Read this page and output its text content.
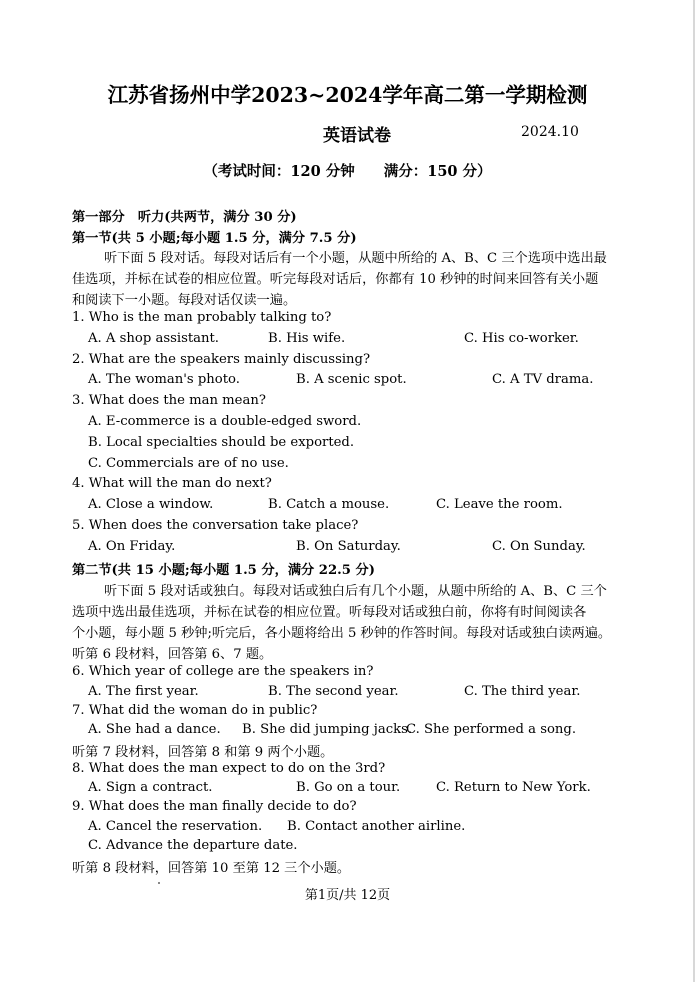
江苏省扬州中学2023~2024学年高二第一学期检测
英语试卷	2024.10
（考试时间：120 分钟　　满分：150 分）
第一部分　听力(共两节，满分 30 分)
第一节(共 5 小题;每小题 1.5 分，满分 7.5 分)
听下面 5 段对话。每段对话后有一个小题，从题中所给的 A、B、C 三个选项中选出最
佳选项，并标在试卷的相应位置。听完每段对话后，你都有 10 秒钟的时间来回答有关小题
和阅读下一小题。每段对话仅读一遍。
1. Who is the man probably talking to?
A. A shop assistant.	B. His wife.	C. His co-worker.
2. What are the speakers mainly discussing?
A. The woman's photo.	B. A scenic spot.	C. A TV drama.
3. What does the man mean?
A. E-commerce is a double-edged sword.
B. Local specialties should be exported.
C. Commercials are of no use.
4. What will the man do next?
A. Close a window.	B. Catch a mouse.	C. Leave the room.
5. When does the conversation take place?
A. On Friday.	B. On Saturday.	C. On Sunday.
第二节(共 15 小题;每小题 1.5 分，满分 22.5 分)
听下面 5 段对话或独白。每段对话或独白后有几个小题，从题中所给的 A、B、C 三个
选项中选出最佳选项，并标在试卷的相应位置。听每段对话或独白前，你将有时间阅读各
个小题，每小题 5 秒钟;听完后，各小题将给出 5 秒钟的作答时间。每段对话或独白读两遍。
听第 6 段材料，回答第 6、7 题。
6. Which year of college are the speakers in?
A. The first year.	B. The second year.	C. The third year.
7. What did the woman do in public?
A. She had a dance. B. She did jumping jacks.
C. She performed a song.
听第 7 段材料，回答第 8 和第 9 两个小题。
8. What does the man expect to do on the 3rd?
A. Sign a contract.	B. Go on a tour.	C. Return to New York.
9. What does the man finally decide to do?
A. Cancel the reservation. B. Contact another airline.
C. Advance the departure date.
听第 8 段材料，回答第 10 至第 12 三个小题。
第1页/共 12页
